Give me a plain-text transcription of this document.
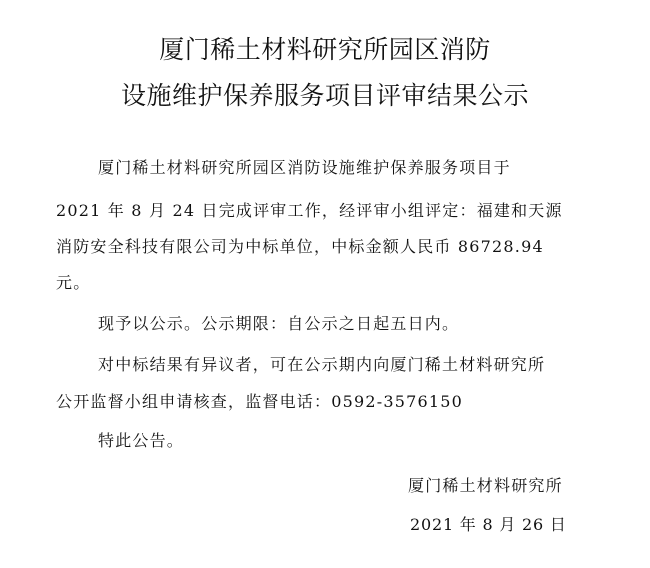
厦门稀土材料研究所园区消防
设施维护保养服务项目评审结果公示
厦门稀土材料研究所园区消防设施维护保养服务项目于
2021 年 8 月 24 日完成评审工作，经评审小组评定：福建和天源
消防安全科技有限公司为中标单位，中标金额人民币 86728.94
元。
现予以公示。公示期限：自公示之日起五日内。
对中标结果有异议者，可在公示期内向厦门稀土材料研究所
公开监督小组申请核查，监督电话：0592-3576150
特此公告。
厦门稀土材料研究所
2021 年 8 月 26 日
